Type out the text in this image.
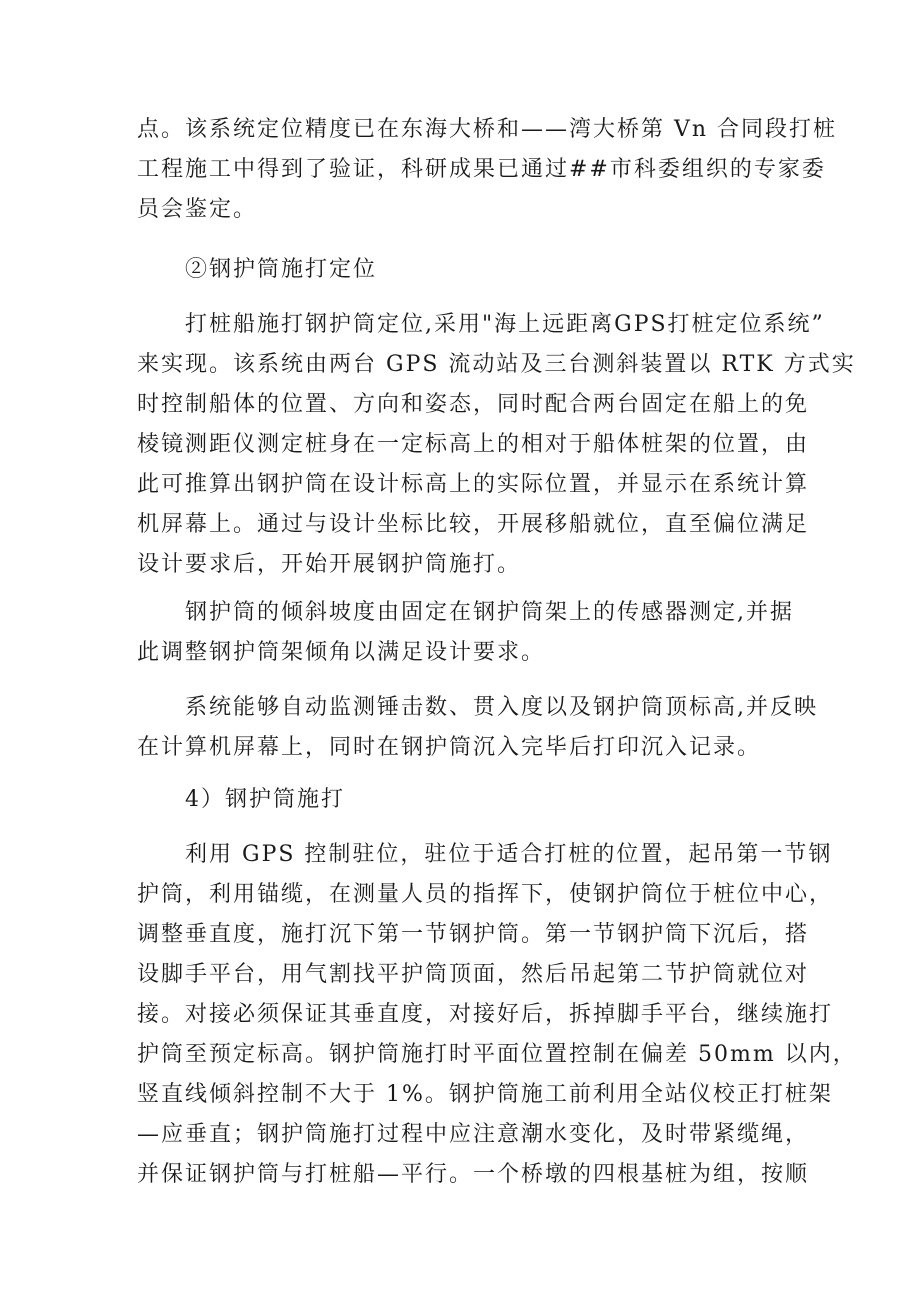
点。该系统定位精度已在东海大桥和——湾大桥第 Vn 合同段打桩
工程施工中得到了验证，科研成果已通过##市科委组织的专家委
员会鉴定。
②钢护筒施打定位
打桩船施打钢护筒定位,采用"海上远距离GPS打桩定位系统”
来实现。该系统由两台 GPS 流动站及三台测斜装置以 RTK 方式实
时控制船体的位置、方向和姿态，同时配合两台固定在船上的免
棱镜测距仪测定桩身在一定标高上的相对于船体桩架的位置，由
此可推算出钢护筒在设计标高上的实际位置，并显示在系统计算
机屏幕上。通过与设计坐标比较，开展移船就位，直至偏位满足
设计要求后，开始开展钢护筒施打。
钢护筒的倾斜坡度由固定在钢护筒架上的传感器测定,并据
此调整钢护筒架倾角以满足设计要求。
系统能够自动监测锤击数、贯入度以及钢护筒顶标高,并反映
在计算机屏幕上，同时在钢护筒沉入完毕后打印沉入记录。
4）钢护筒施打
利用 GPS 控制驻位，驻位于适合打桩的位置，起吊第一节钢
护筒，利用锚缆，在测量人员的指挥下，使钢护筒位于桩位中心，
调整垂直度，施打沉下第一节钢护筒。第一节钢护筒下沉后，搭
设脚手平台，用气割找平护筒顶面，然后吊起第二节护筒就位对
接。对接必须保证其垂直度，对接好后，拆掉脚手平台，继续施打
护筒至预定标高。钢护筒施打时平面位置控制在偏差 50mm 以内，
竖直线倾斜控制不大于 1%。钢护筒施工前利用全站仪校正打桩架
—应垂直；钢护筒施打过程中应注意潮水变化，及时带紧缆绳，
并保证钢护筒与打桩船—平行。一个桥墩的四根基桩为组，按顺
